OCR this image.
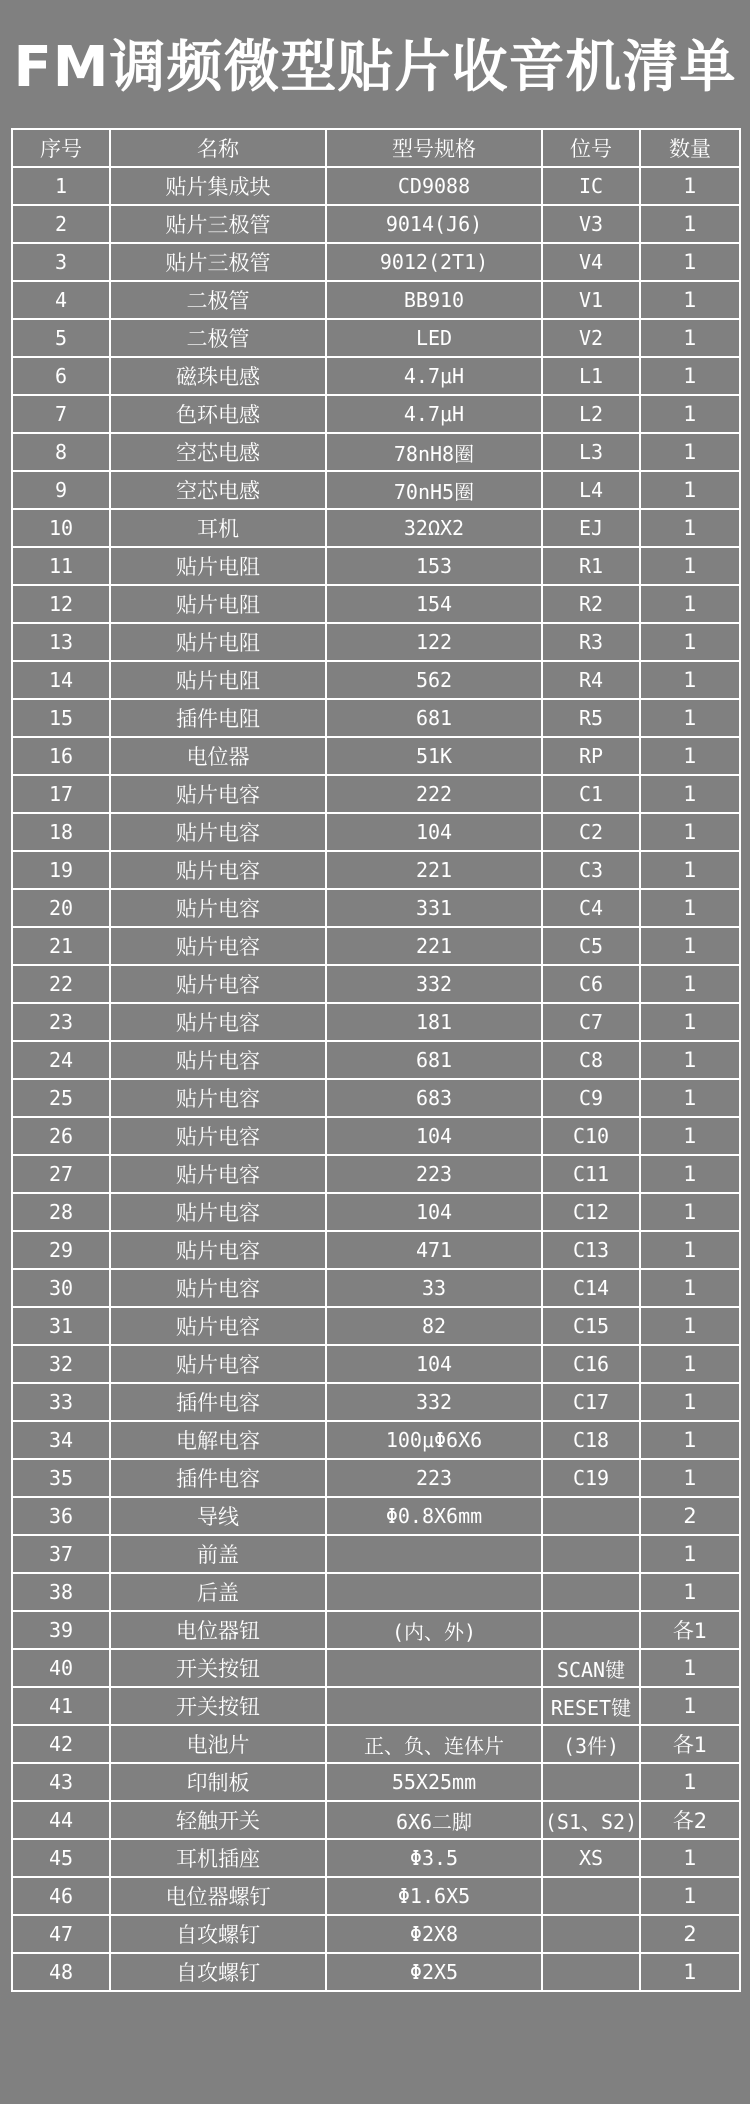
FM调频微型贴片收音机清单
序号	名称	型号规格	位号	数量
1	贴片集成块	CD9088	IC	1
2	贴片三极管	9014(J6)	V3	1
3	贴片三极管	9012(2T1)	V4	1
4	二极管	BB910	V1	1
5	二极管	LED	V2	1
6	磁珠电感	4.7μH	L1	1
7	色环电感	4.7μH	L2	1
8	空芯电感	78nH8圈	L3	1
9	空芯电感	70nH5圈	L4	1
10	耳机	32ΩX2	EJ	1
11	贴片电阻	153	R1	1
12	贴片电阻	154	R2	1
13	贴片电阻	122	R3	1
14	贴片电阻	562	R4	1
15	插件电阻	681	R5	1
16	电位器	51K	RP	1
17	贴片电容	222	C1	1
18	贴片电容	104	C2	1
19	贴片电容	221	C3	1
20	贴片电容	331	C4	1
21	贴片电容	221	C5	1
22	贴片电容	332	C6	1
23	贴片电容	181	C7	1
24	贴片电容	681	C8	1
25	贴片电容	683	C9	1
26	贴片电容	104	C10	1
27	贴片电容	223	C11	1
28	贴片电容	104	C12	1
29	贴片电容	471	C13	1
30	贴片电容	33	C14	1
31	贴片电容	82	C15	1
32	贴片电容	104	C16	1
33	插件电容	332	C17	1
34	电解电容	100μΦ6X6	C18	1
35	插件电容	223	C19	1
36	导线	Φ0.8X6mm		2
37	前盖			1
38	后盖			1
39	电位器钮	(内、外)		各1
40	开关按钮		SCAN键	1
41	开关按钮		RESET键	1
42	电池片	正、负、连体片	(3件)	各1
43	印制板	55X25mm		1
44	轻触开关	6X6二脚	(S1、S2)	各2
45	耳机插座	Φ3.5	XS	1
46	电位器螺钉	Φ1.6X5		1
47	自攻螺钉	Φ2X8		2
48	自攻螺钉	Φ2X5		1
